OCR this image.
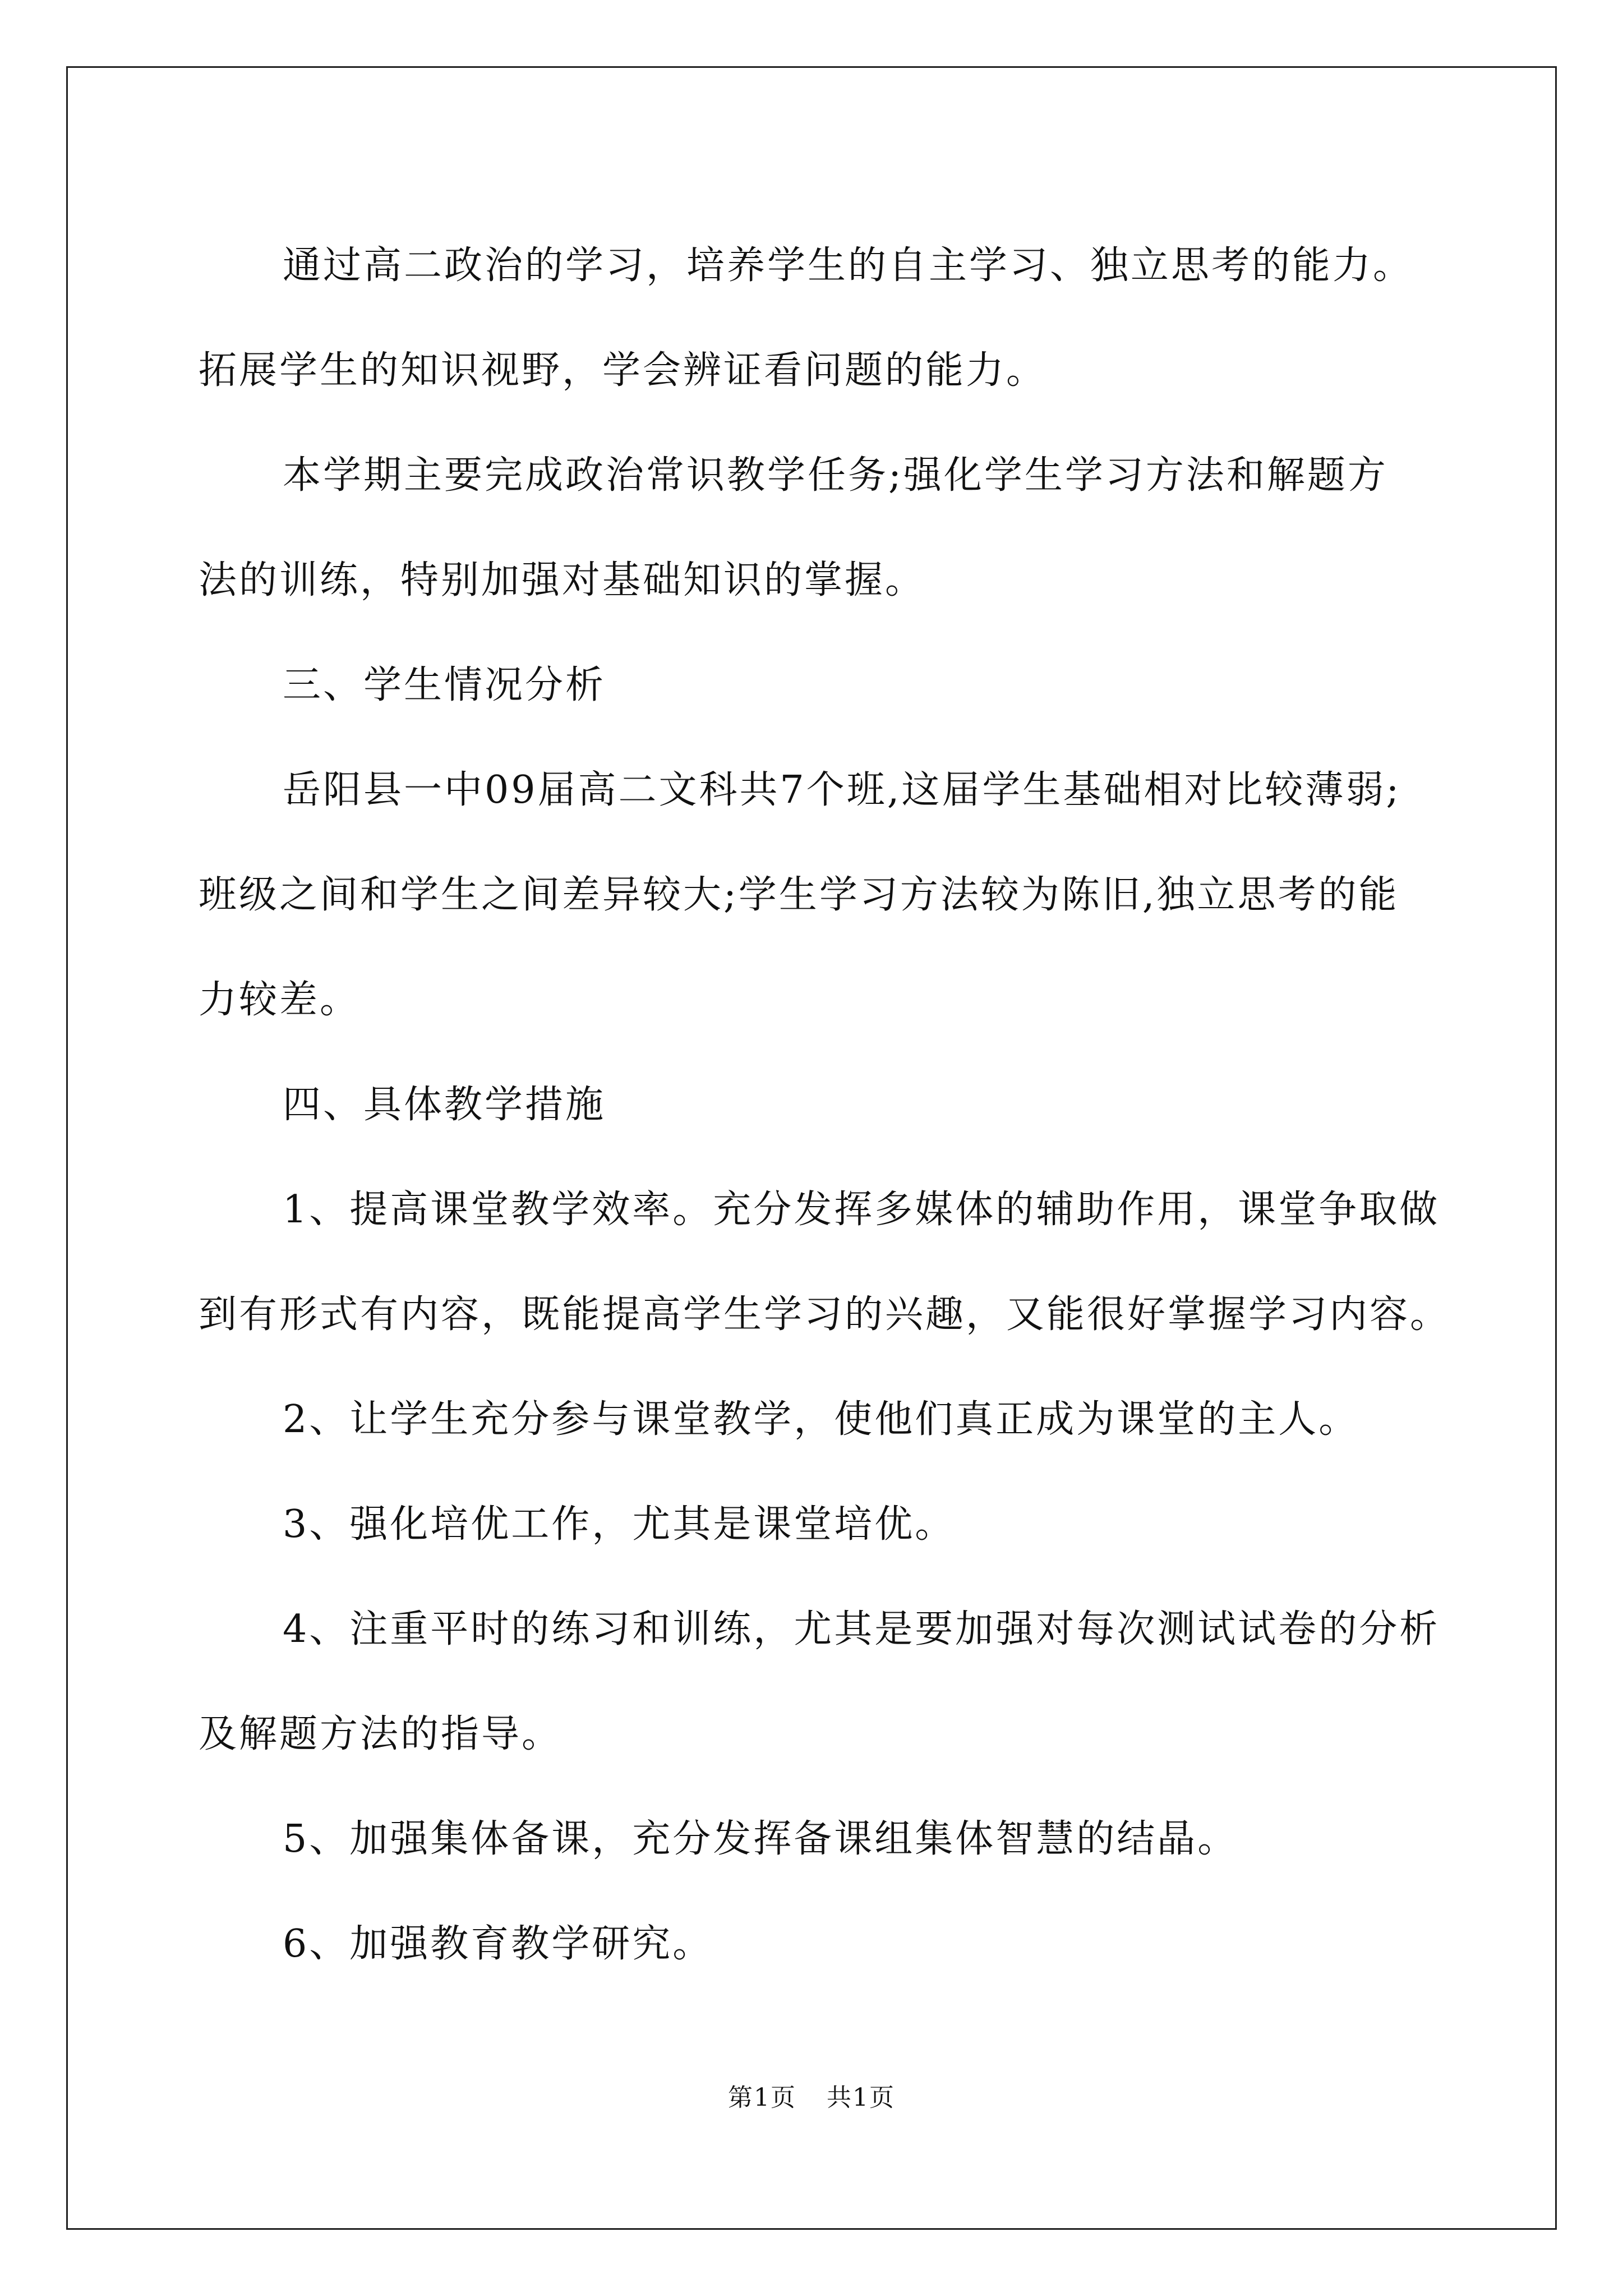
通过高二政治的学习，培养学生的自主学习、独立思考的能力。

拓展学生的知识视野，学会辨证看问题的能力。

本学期主要完成政治常识教学任务;强化学生学习方法和解题方

法的训练，特别加强对基础知识的掌握。

三、学生情况分析

岳阳县一中09届高二文科共7个班,这届学生基础相对比较薄弱;

班级之间和学生之间差异较大;学生学习方法较为陈旧,独立思考的能

力较差。

四、具体教学措施

1、提高课堂教学效率。充分发挥多媒体的辅助作用，课堂争取做

到有形式有内容，既能提高学生学习的兴趣，又能很好掌握学习内容。

2、让学生充分参与课堂教学，使他们真正成为课堂的主人。

3、强化培优工作，尤其是课堂培优。

4、注重平时的练习和训练，尤其是要加强对每次测试试卷的分析

及解题方法的指导。

5、加强集体备课，充分发挥备课组集体智慧的结晶。

6、加强教育教学研究。

第1页 共1页
